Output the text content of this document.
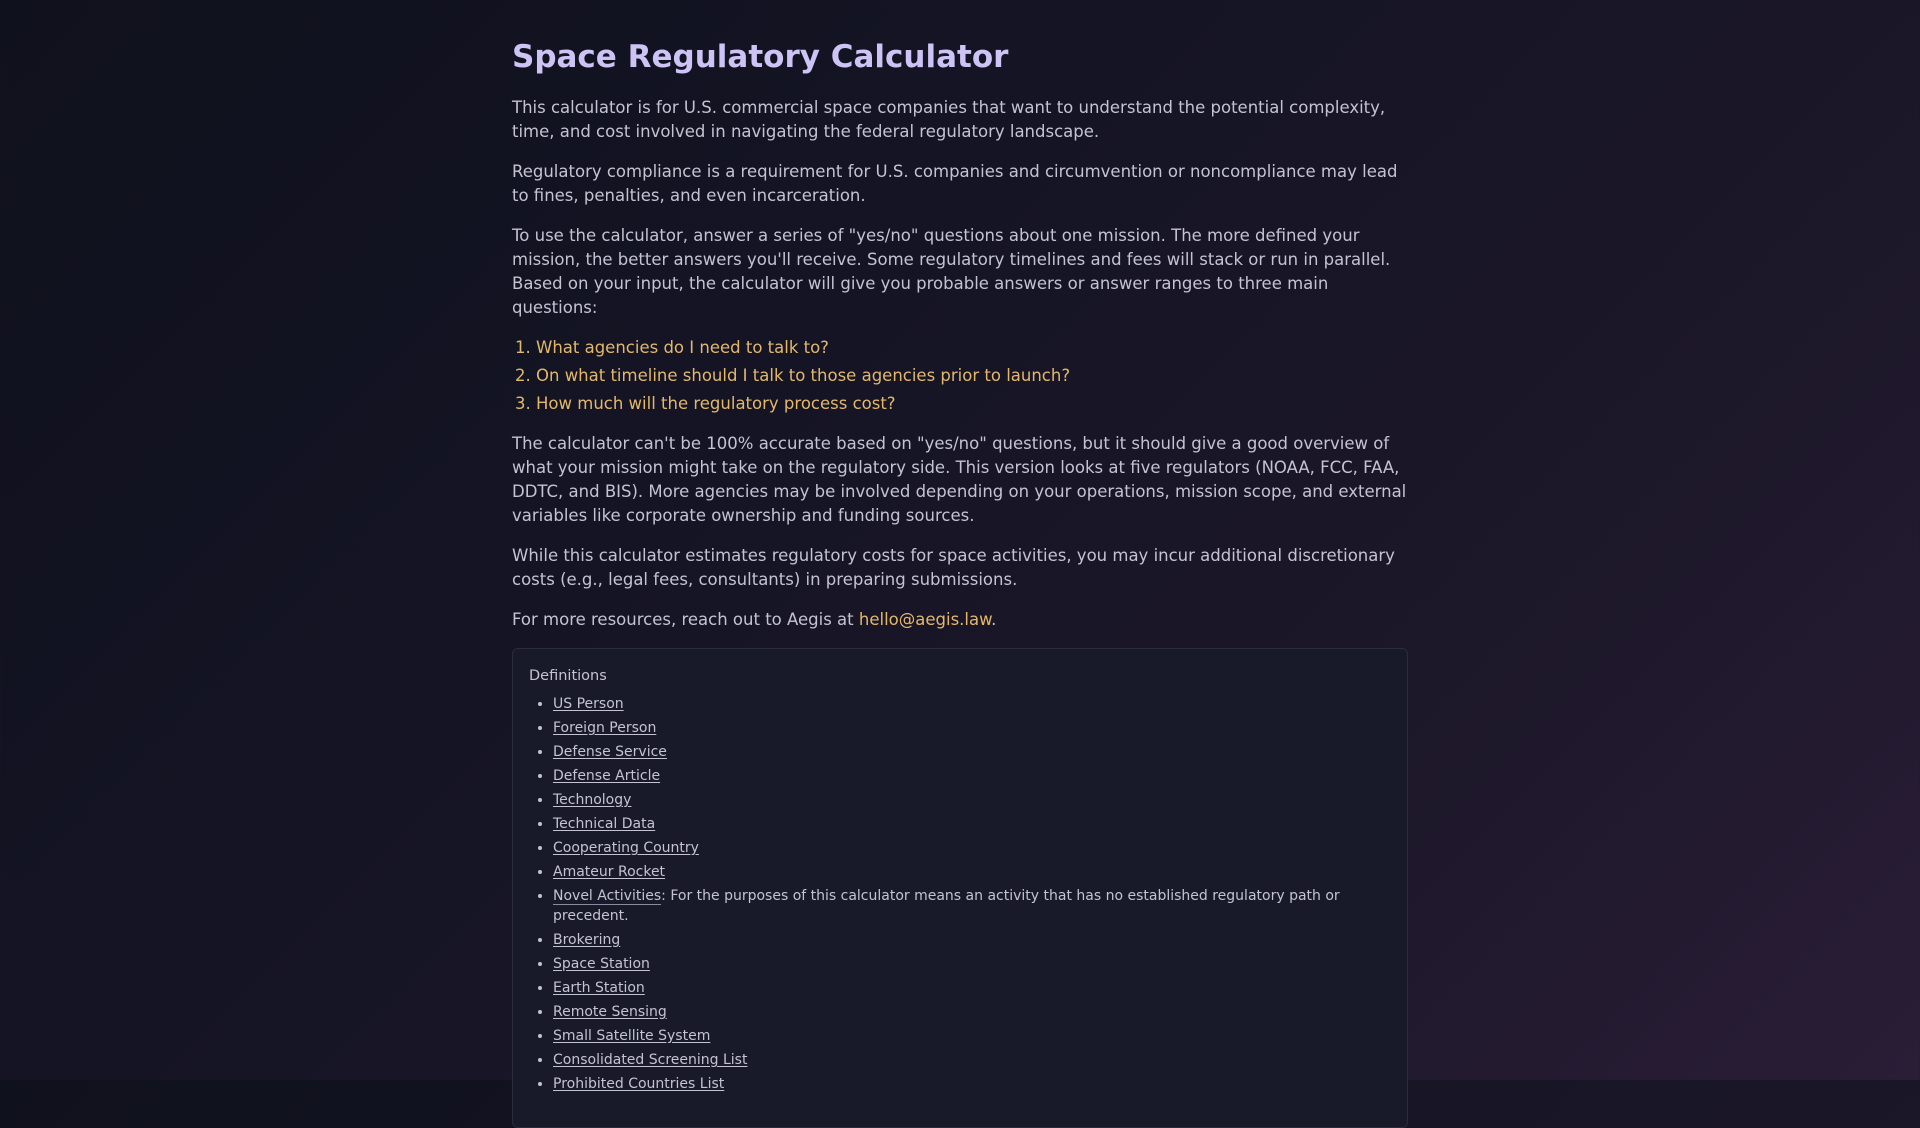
Space Regulatory Calculator

This calculator is for U.S. commercial space companies that want to understand the potential complexity, time, and cost involved in navigating the federal regulatory landscape.

Regulatory compliance is a requirement for U.S. companies and circumvention or noncompliance may lead to fines, penalties, and even incarceration.

To use the calculator, answer a series of "yes/no" questions about one mission. The more defined your mission, the better answers you'll receive. Some regulatory timelines and fees will stack or run in parallel. Based on your input, the calculator will give you probable answers or answer ranges to three main questions:

1. What agencies do I need to talk to?
2. On what timeline should I talk to those agencies prior to launch?
3. How much will the regulatory process cost?

The calculator can't be 100% accurate based on "yes/no" questions, but it should give a good overview of what your mission might take on the regulatory side. This version looks at five regulators (NOAA, FCC, FAA, DDTC, and BIS). More agencies may be involved depending on your operations, mission scope, and external variables like corporate ownership and funding sources.

While this calculator estimates regulatory costs for space activities, you may incur additional discretionary costs (e.g., legal fees, consultants) in preparing submissions.

For more resources, reach out to Aegis at hello@aegis.law.

Definitions
• US Person
• Foreign Person
• Defense Service
• Defense Article
• Technology
• Technical Data
• Cooperating Country
• Amateur Rocket
• Novel Activities: For the purposes of this calculator means an activity that has no established regulatory path or precedent.
• Brokering
• Space Station
• Earth Station
• Remote Sensing
• Small Satellite System
• Consolidated Screening List
• Prohibited Countries List
